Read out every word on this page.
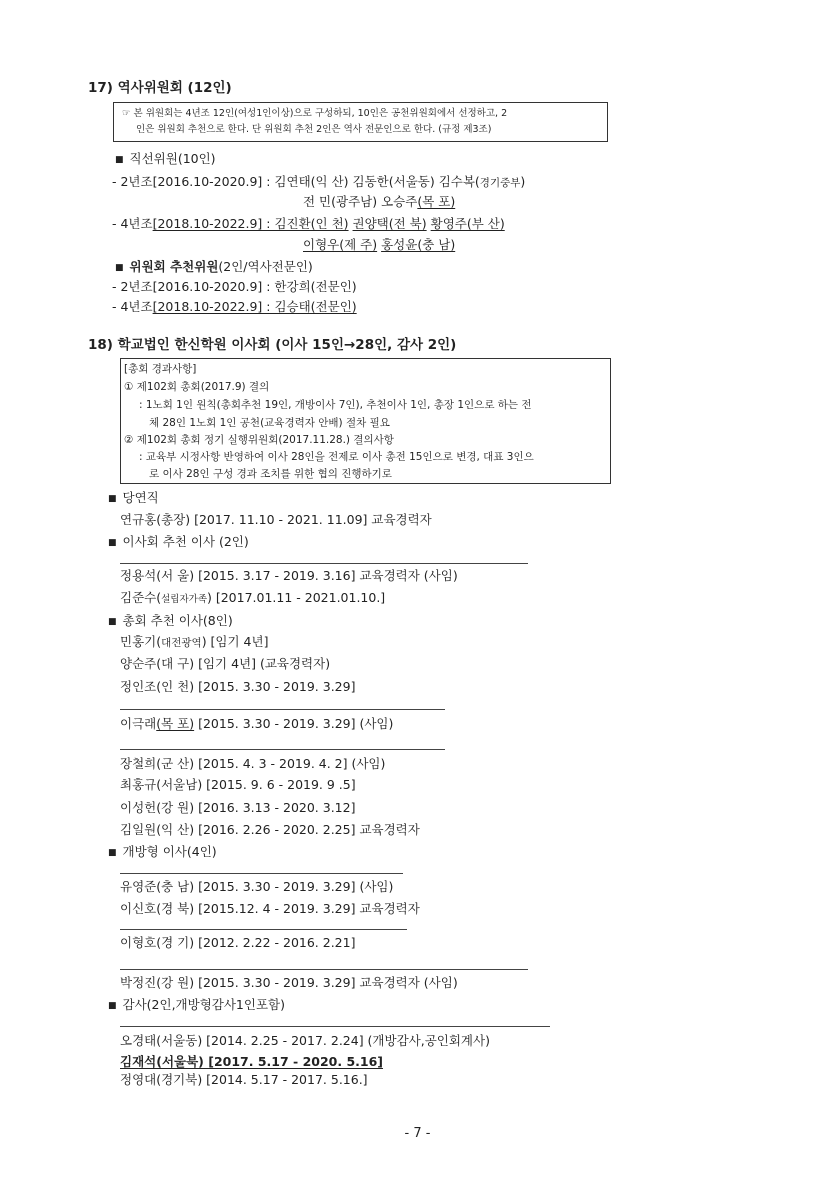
17) 역사위원회 (12인)
☞ 본 위원회는 4년조 12인(여성1인이상)으로 구성하되, 10인은 공천위원회에서 선정하고, 2
인은 위원회 추천으로 한다. 단 위원회 추천 2인은 역사 전문인으로 한다. (규정 제3조)
■ 직선위원(10인)
- 2년조[2016.10-2020.9] : 김연태(익 산) 김동한(서울동) 김수복(경기중부)
전 민(광주남) 오승주(목 포)
- 4년조[2018.10-2022.9] : 김진환(인 천) 권양택(전 북) 황영주(부 산)
이형우(제 주) 홍성윤(충 남)
■ 위원회 추천위원(2인/역사전문인)
- 2년조[2016.10-2020.9] : 한강희(전문인)
- 4년조[2018.10-2022.9] : 김승태(전문인)
18) 학교법인 한신학원 이사회 (이사 15인→28인, 감사 2인)
[총회 경과사항]
① 제102회 총회(2017.9) 결의
: 1노회 1인 원칙(총회추천 19인, 개방이사 7인), 추천이사 1인, 총장 1인으로 하는 전
체 28인 1노회 1인 공천(교육경력자 안배) 절차 필요
② 제102회 총회 정기 실행위원회(2017.11.28.) 결의사항
: 교육부 시정사항 반영하여 이사 28인을 전제로 이사 총전 15인으로 변경, 대표 3인으
로 이사 28인 구성 경과 조치를 위한 협의 진행하기로
■ 당연직
연규홍(총장) [2017. 11.10 - 2021. 11.09] 교육경력자
■ 이사회 추천 이사 (2인)
정용석(서 울) [2015. 3.17 - 2019. 3.16] 교육경력자 (사임)
김준수(설립자가족) [2017.01.11 - 2021.01.10.]
■ 총회 추천 이사(8인)
민홍기(대전광역) [임기 4년]
양순주(대 구) [임기 4년] (교육경력자)
정인조(인 천) [2015. 3.30 - 2019. 3.29]
이극래(목 포) [2015. 3.30 - 2019. 3.29] (사임)
장철희(군 산) [2015. 4. 3 - 2019. 4. 2] (사임)
최홍규(서울남) [2015. 9. 6 - 2019. 9 .5]
이성헌(강 원) [2016. 3.13 - 2020. 3.12]
김일원(익 산) [2016. 2.26 - 2020. 2.25] 교육경력자
■ 개방형 이사(4인)
유영준(충 남) [2015. 3.30 - 2019. 3.29] (사임)
이신호(경 북) [2015.12. 4 - 2019. 3.29] 교육경력자
이형호(경 기) [2012. 2.22 - 2016. 2.21]
박정진(강 원) [2015. 3.30 - 2019. 3.29] 교육경력자 (사임)
■ 감사(2인,개방형감사1인포함)
오경태(서울동) [2014. 2.25 - 2017. 2.24] (개방감사,공인회계사)
김재석(서울북) [2017. 5.17 - 2020. 5.16]
정영대(경기북) [2014. 5.17 - 2017. 5.16.]
- 7 -
